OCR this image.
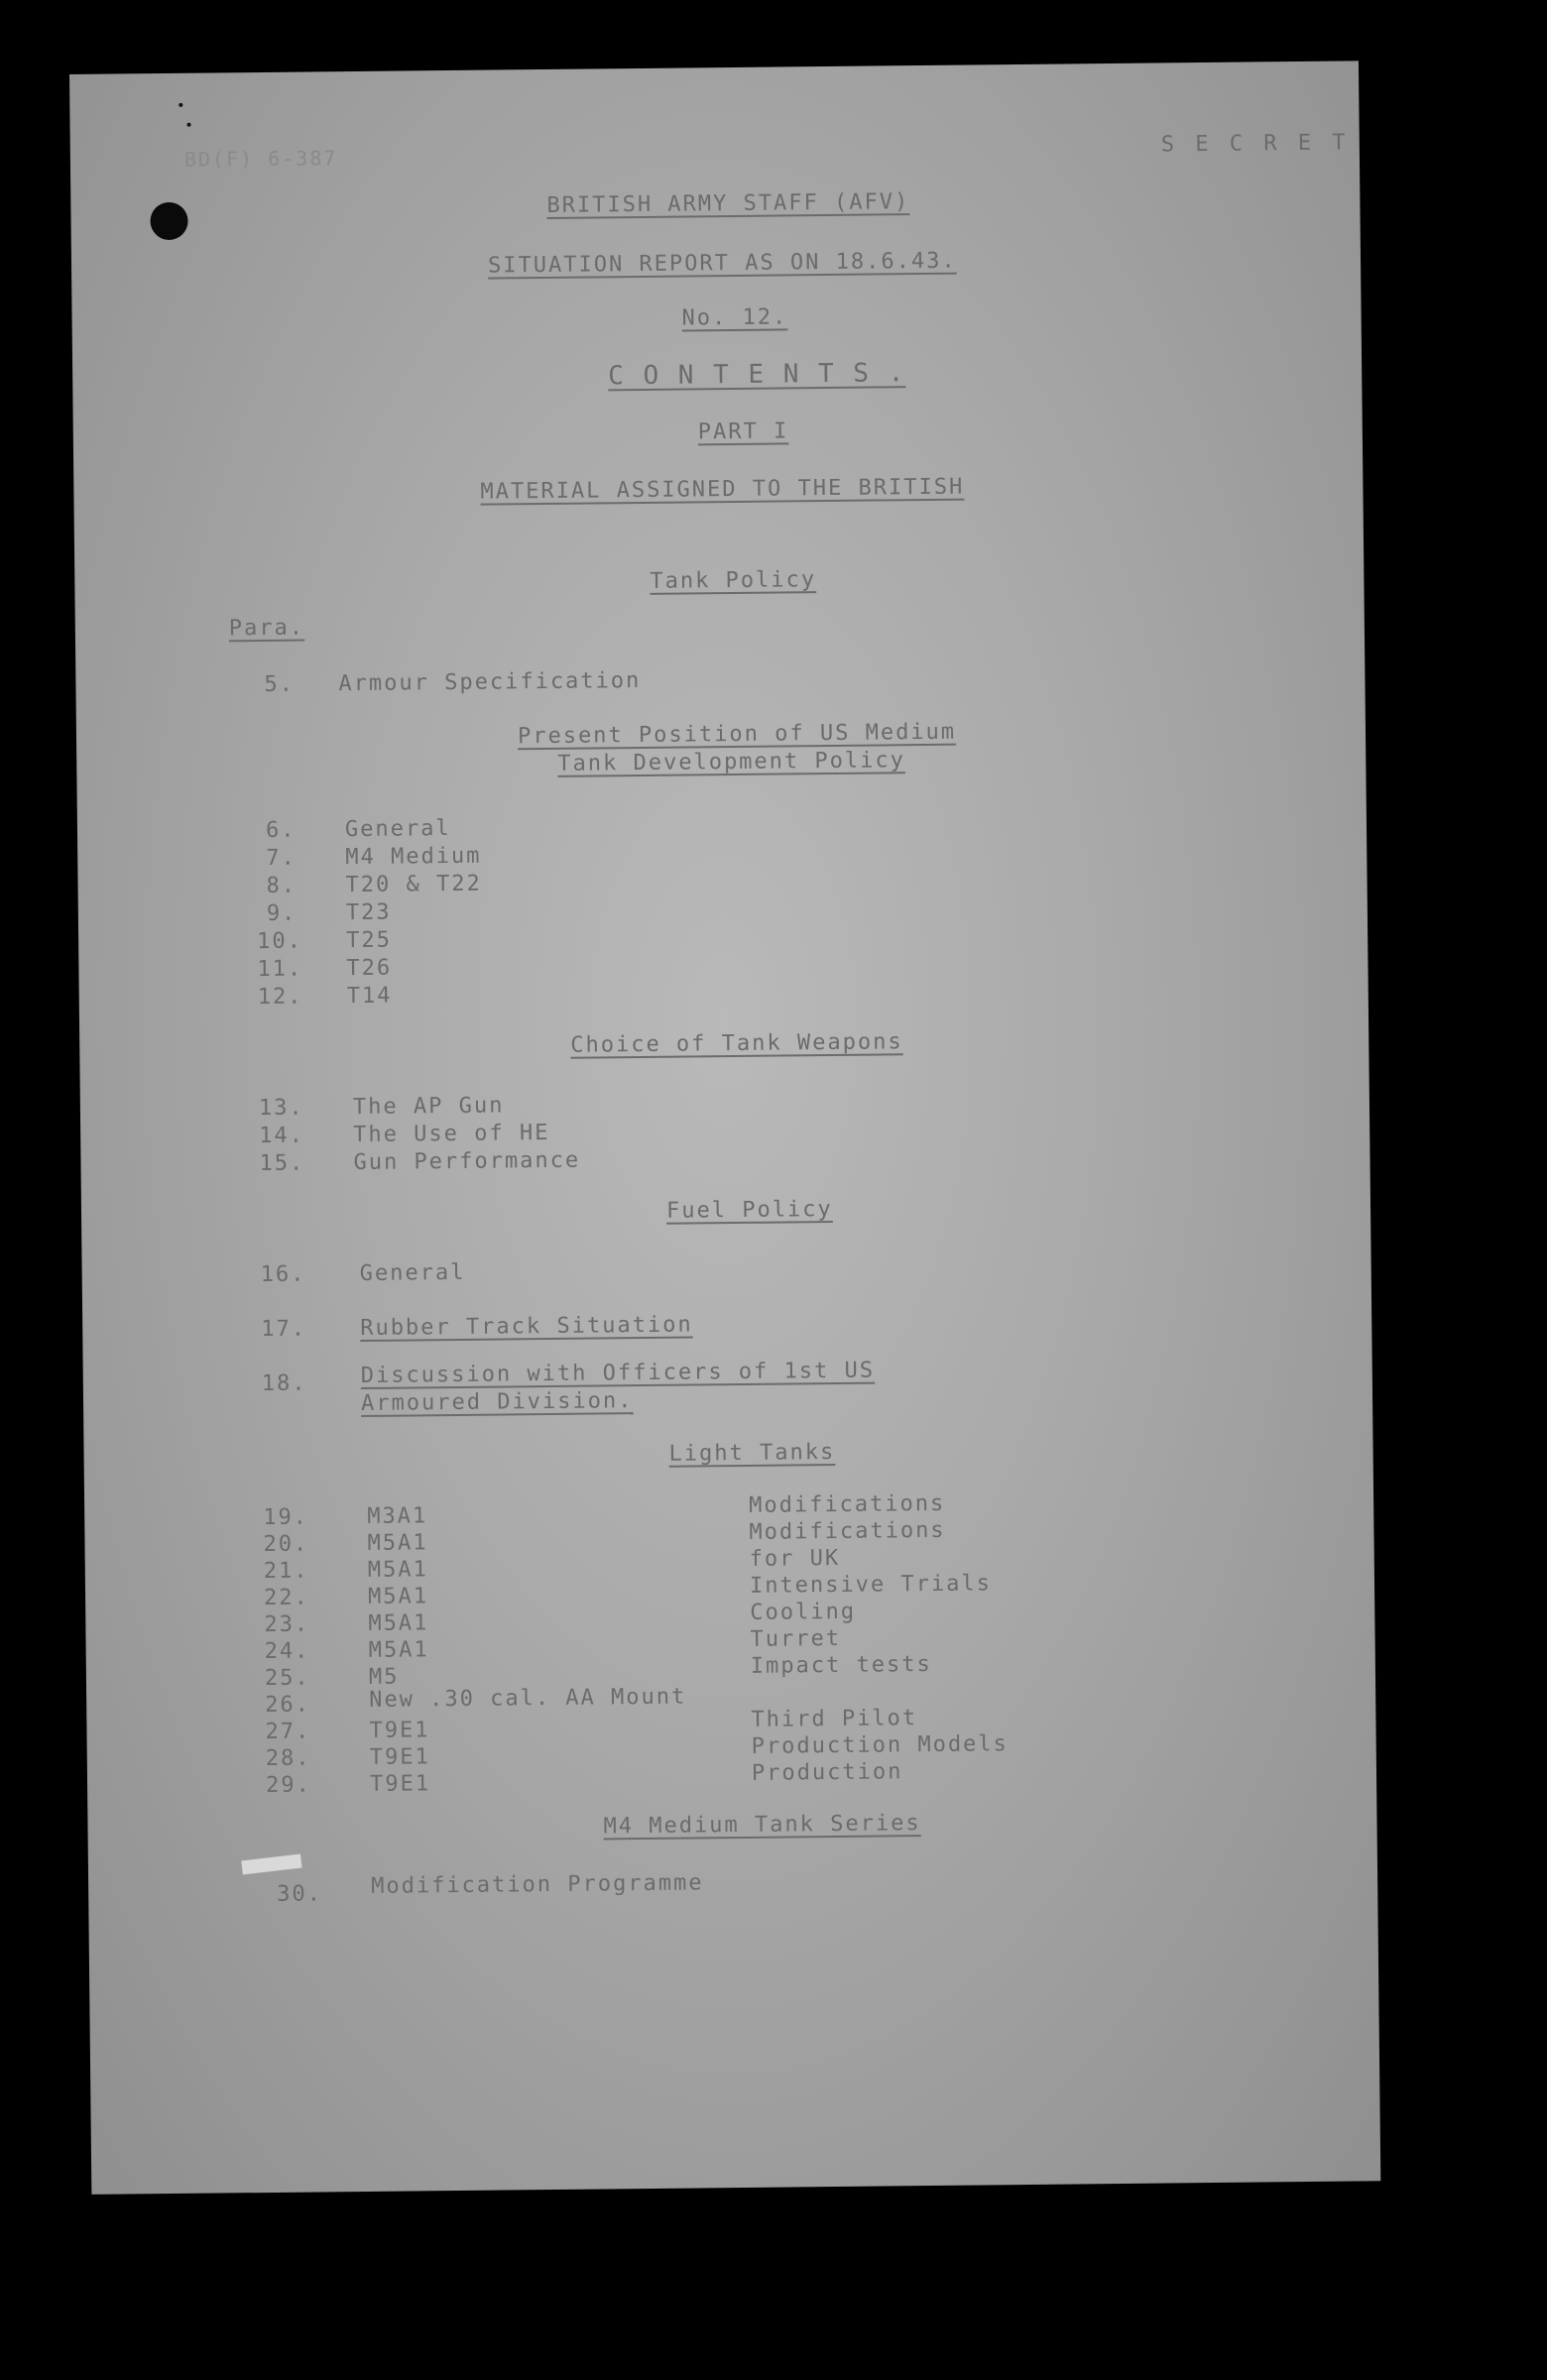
BD(F) 6-387
S E C R E T
BRITISH ARMY STAFF (AFV)
SITUATION REPORT AS ON 18.6.43.
No. 12.
C O N T E N T S .
PART I
MATERIAL ASSIGNED TO THE BRITISH
Tank Policy
Para.
5. Armour Specification
Present Position of US Medium
Tank Development Policy
6. General
7. M4 Medium
8. T20 & T22
9. T23
10. T25
11. T26
12. T14
Choice of Tank Weapons
13. The AP Gun
14. The Use of HE
15. Gun Performance
Fuel Policy
16. General
17. Rubber Track Situation
18. Discussion with Officers of 1st US
Armoured Division.
Light Tanks
19.	M3A1	Modifications
20.	M5A1	Modifications
21.	M5A1	for UK
22.	M5A1	Intensive Trials
23.	M5A1	Cooling
24.	M5A1	Turret
25.	M5	Impact tests
26.	New .30 cal. AA Mount
27.	T9E1	Third Pilot
28.	T9E1	Production Models
29.	T9E1	Production
M4 Medium Tank Series
30. Modification Programme
